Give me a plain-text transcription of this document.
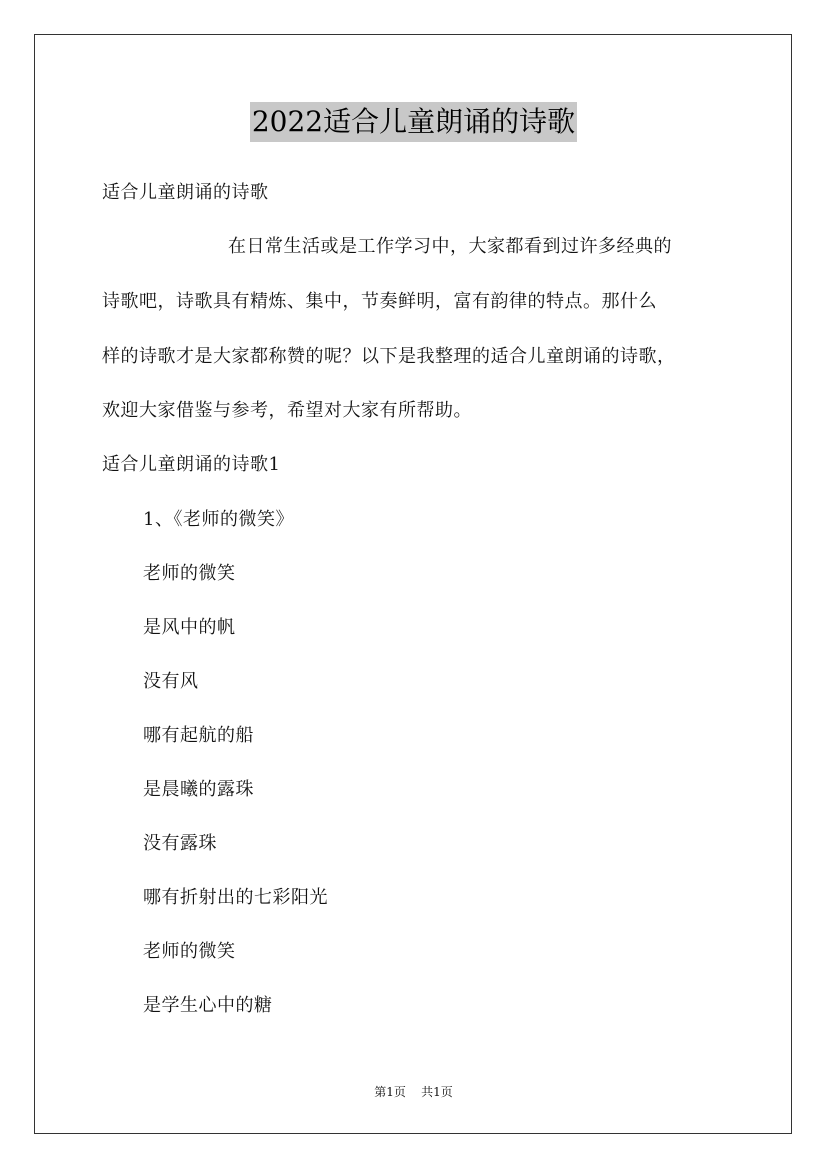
2022适合儿童朗诵的诗歌
适合儿童朗诵的诗歌
在日常生活或是工作学习中，大家都看到过许多经典的
诗歌吧，诗歌具有精炼、集中，节奏鲜明，富有韵律的特点。那什么
样的诗歌才是大家都称赞的呢？以下是我整理的适合儿童朗诵的诗歌，
欢迎大家借鉴与参考，希望对大家有所帮助。
适合儿童朗诵的诗歌1
1、《老师的微笑》
老师的微笑
是风中的帆
没有风
哪有起航的船
是晨曦的露珠
没有露珠
哪有折射出的七彩阳光
老师的微笑
是学生心中的糖
第1页 共1页
